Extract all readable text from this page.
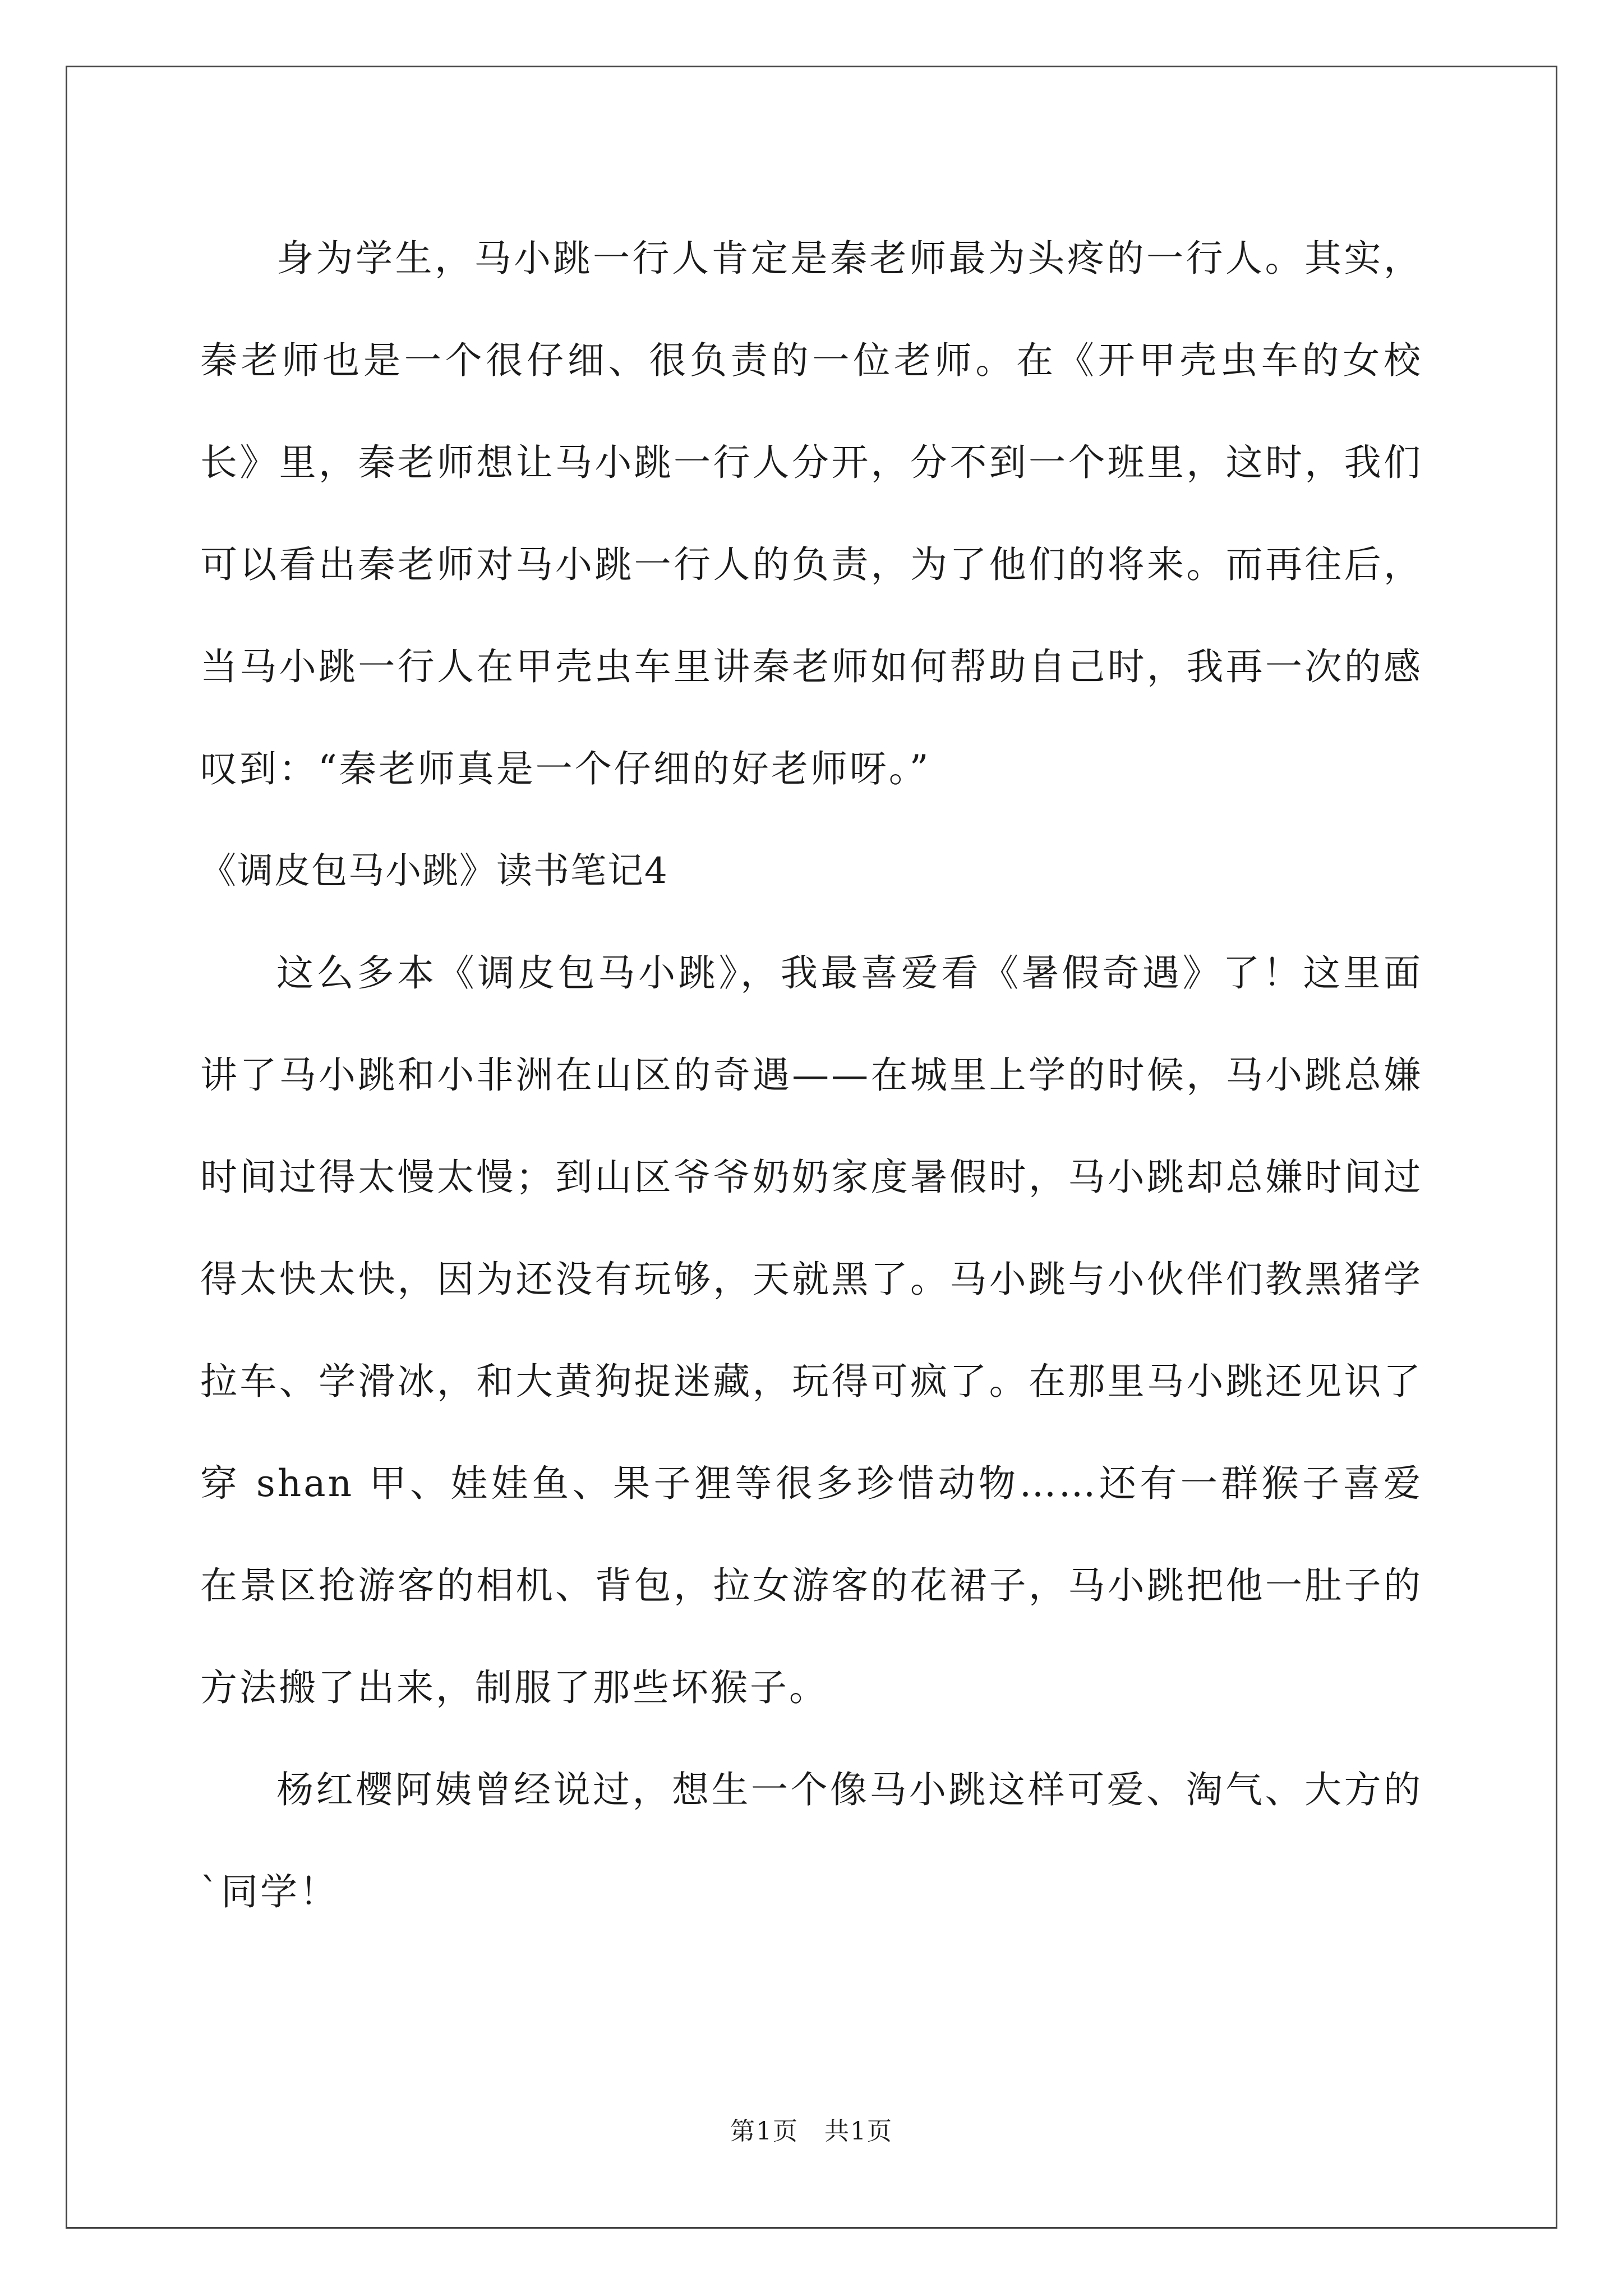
身为学生，马小跳一行人肯定是秦老师最为头疼的一行人。其实，秦老师也是一个很仔细、很负责的一位老师。在《开甲壳虫车的女校长》里，秦老师想让马小跳一行人分开，分不到一个班里，这时，我们可以看出秦老师对马小跳一行人的负责，为了他们的将来。而再往后，当马小跳一行人在甲壳虫车里讲秦老师如何帮助自己时，我再一次的感叹到：“秦老师真是一个仔细的好老师呀。”

《调皮包马小跳》读书笔记4

这么多本《调皮包马小跳》，我最喜爱看《暑假奇遇》了！这里面讲了马小跳和小非洲在山区的奇遇——在城里上学的时候，马小跳总嫌时间过得太慢太慢；到山区爷爷奶奶家度暑假时，马小跳却总嫌时间过得太快太快，因为还没有玩够，天就黑了。马小跳与小伙伴们教黑猪学拉车、学滑冰，和大黄狗捉迷藏，玩得可疯了。在那里马小跳还见识了穿 shan 甲、娃娃鱼、果子狸等很多珍惜动物……还有一群猴子喜爱在景区抢游客的相机、背包，拉女游客的花裙子，马小跳把他一肚子的方法搬了出来，制服了那些坏猴子。

杨红樱阿姨曾经说过，想生一个像马小跳这样可爱、淘气、大方的`同学！

第1页　共1页
